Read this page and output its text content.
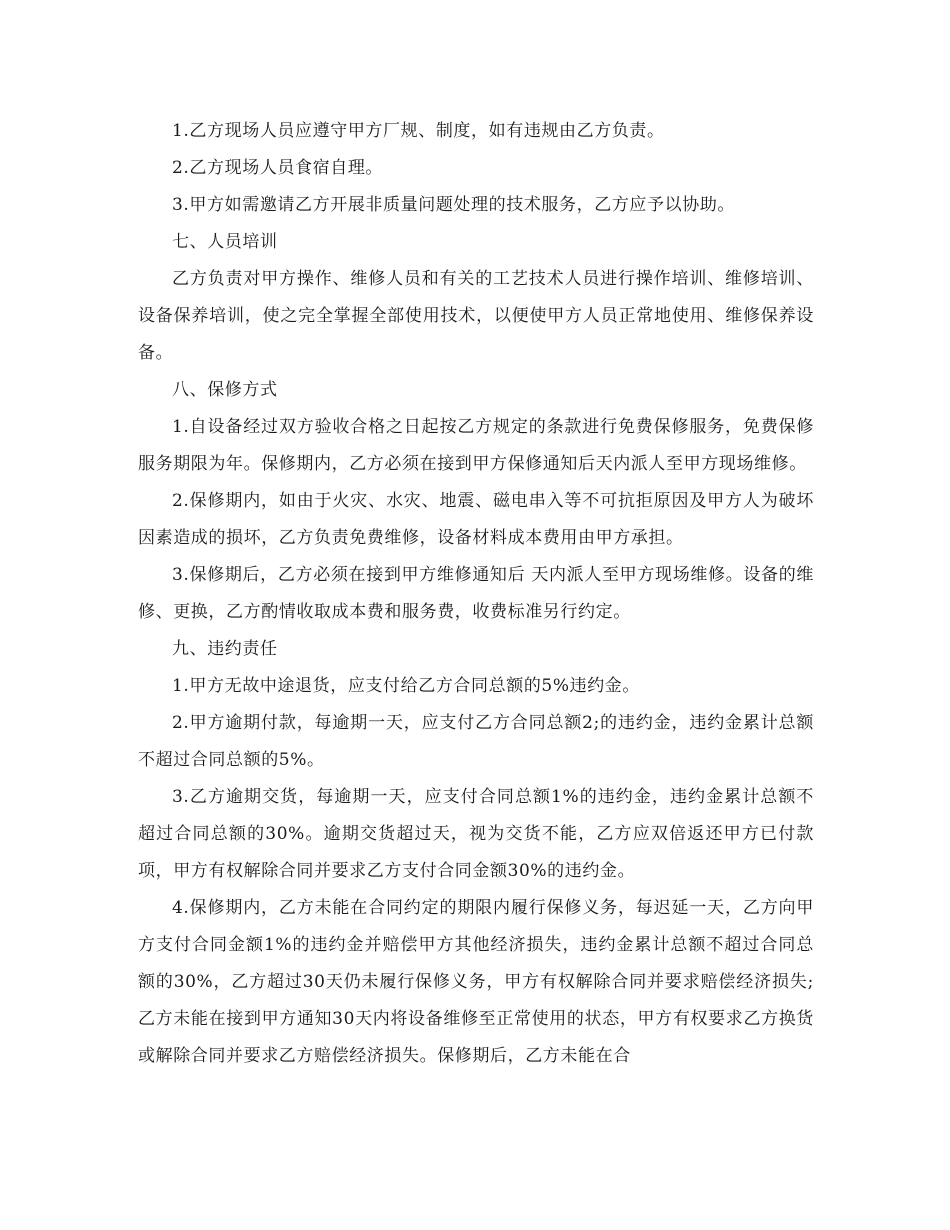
1.乙方现场人员应遵守甲方厂规、制度，如有违规由乙方负责。

2.乙方现场人员食宿自理。

3.甲方如需邀请乙方开展非质量问题处理的技术服务，乙方应予以协助。

七、人员培训

乙方负责对甲方操作、维修人员和有关的工艺技术人员进行操作培训、维修培训、设备保养培训，使之完全掌握全部使用技术，以便使甲方人员正常地使用、维修保养设备。

八、保修方式

1.自设备经过双方验收合格之日起按乙方规定的条款进行免费保修服务，免费保修服务期限为年。保修期内，乙方必须在接到甲方保修通知后天内派人至甲方现场维修。

2.保修期内，如由于火灾、水灾、地震、磁电串入等不可抗拒原因及甲方人为破坏因素造成的损坏，乙方负责免费维修，设备材料成本费用由甲方承担。

3.保修期后，乙方必须在接到甲方维修通知后 天内派人至甲方现场维修。设备的维修、更换，乙方酌情收取成本费和服务费，收费标准另行约定。

九、违约责任

1.甲方无故中途退货，应支付给乙方合同总额的5%违约金。

2.甲方逾期付款，每逾期一天，应支付乙方合同总额2;的违约金，违约金累计总额不超过合同总额的5%。

3.乙方逾期交货，每逾期一天，应支付合同总额1%的违约金，违约金累计总额不超过合同总额的30%。逾期交货超过天，视为交货不能，乙方应双倍返还甲方已付款项，甲方有权解除合同并要求乙方支付合同金额30%的违约金。

4.保修期内，乙方未能在合同约定的期限内履行保修义务，每迟延一天，乙方向甲方支付合同金额1%的违约金并赔偿甲方其他经济损失，违约金累计总额不超过合同总额的30%，乙方超过30天仍未履行保修义务，甲方有权解除合同并要求赔偿经济损失;乙方未能在接到甲方通知30天内将设备维修至正常使用的状态，甲方有权要求乙方换货或解除合同并要求乙方赔偿经济损失。保修期后，乙方未能在合
